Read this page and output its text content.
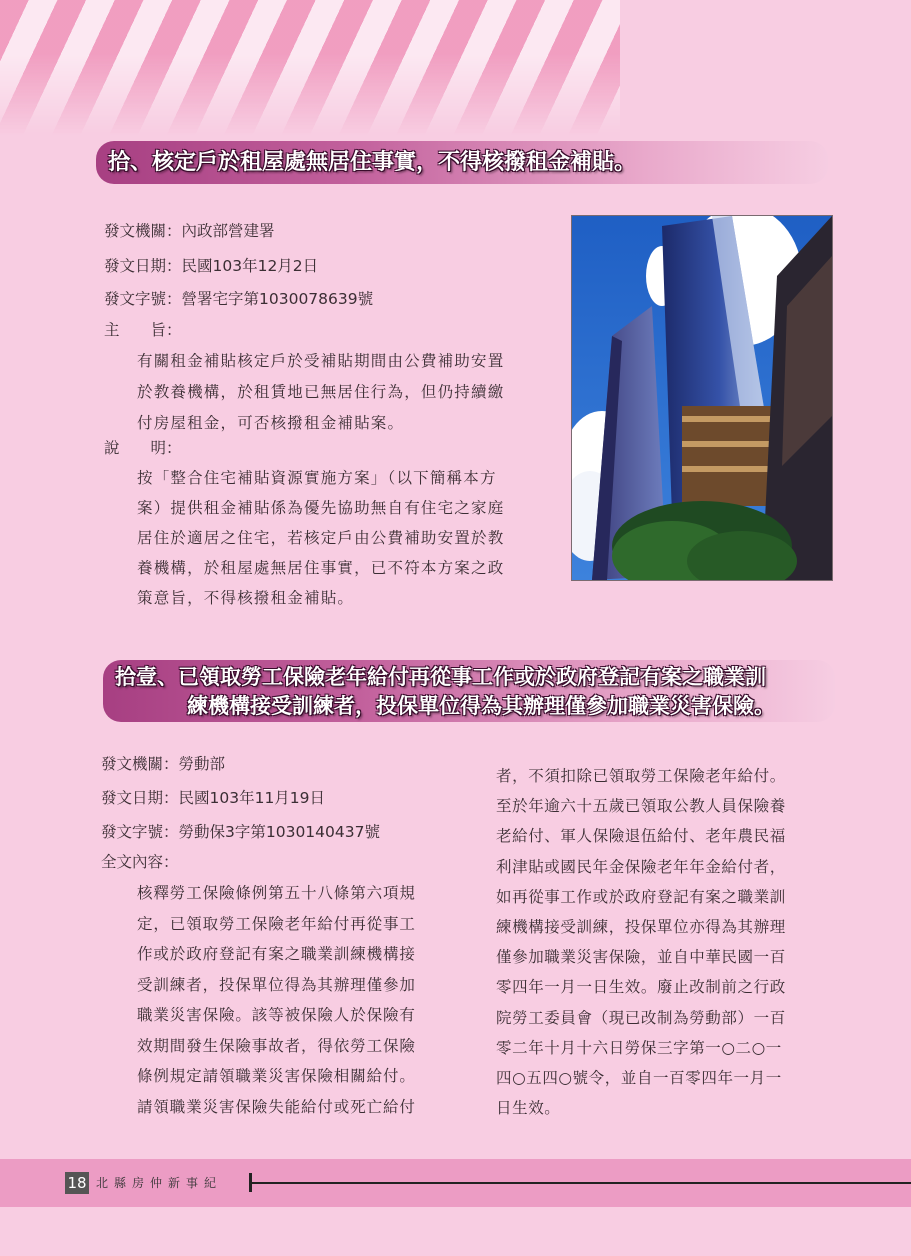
拾、核定戶於租屋處無居住事實，不得核撥租金補貼。
發文機關：內政部營建署
發文日期：民國103年12月2日
發文字號：營署宅字第1030078639號
主　　旨：
有關租金補貼核定戶於受補貼期間由公費補助安置
於教養機構，於租賃地已無居住行為，但仍持續繳
付房屋租金，可否核撥租金補貼案。
說　　明：
按「整合住宅補貼資源實施方案」（以下簡稱本方
案）提供租金補貼係為優先協助無自有住宅之家庭
居住於適居之住宅，若核定戶由公費補助安置於教
養機構，於租屋處無居住事實，已不符本方案之政
策意旨，不得核撥租金補貼。
拾壹、已領取勞工保險老年給付再從事工作或於政府登記有案之職業訓
練機構接受訓練者，投保單位得為其辦理僅參加職業災害保險。
發文機關：勞動部
發文日期：民國103年11月19日
發文字號：勞動保3字第1030140437號
全文內容：
核釋勞工保險條例第五十八條第六項規
定，已領取勞工保險老年給付再從事工
作或於政府登記有案之職業訓練機構接
受訓練者，投保單位得為其辦理僅參加
職業災害保險。該等被保險人於保險有
效期間發生保險事故者，得依勞工保險
條例規定請領職業災害保險相關給付。
請領職業災害保險失能給付或死亡給付
者，不須扣除已領取勞工保險老年給付。
至於年逾六十五歲已領取公教人員保險養
老給付、軍人保險退伍給付、老年農民福
利津貼或國民年金保險老年年金給付者，
如再從事工作或於政府登記有案之職業訓
練機構接受訓練，投保單位亦得為其辦理
僅參加職業災害保險，並自中華民國一百
零四年一月一日生效。廢止改制前之行政
院勞工委員會（現已改制為勞動部）一百
零二年十月十六日勞保三字第一○二○一
四○五四○號令，並自一百零四年一月一
日生效。
18 北縣房仲新事紀
